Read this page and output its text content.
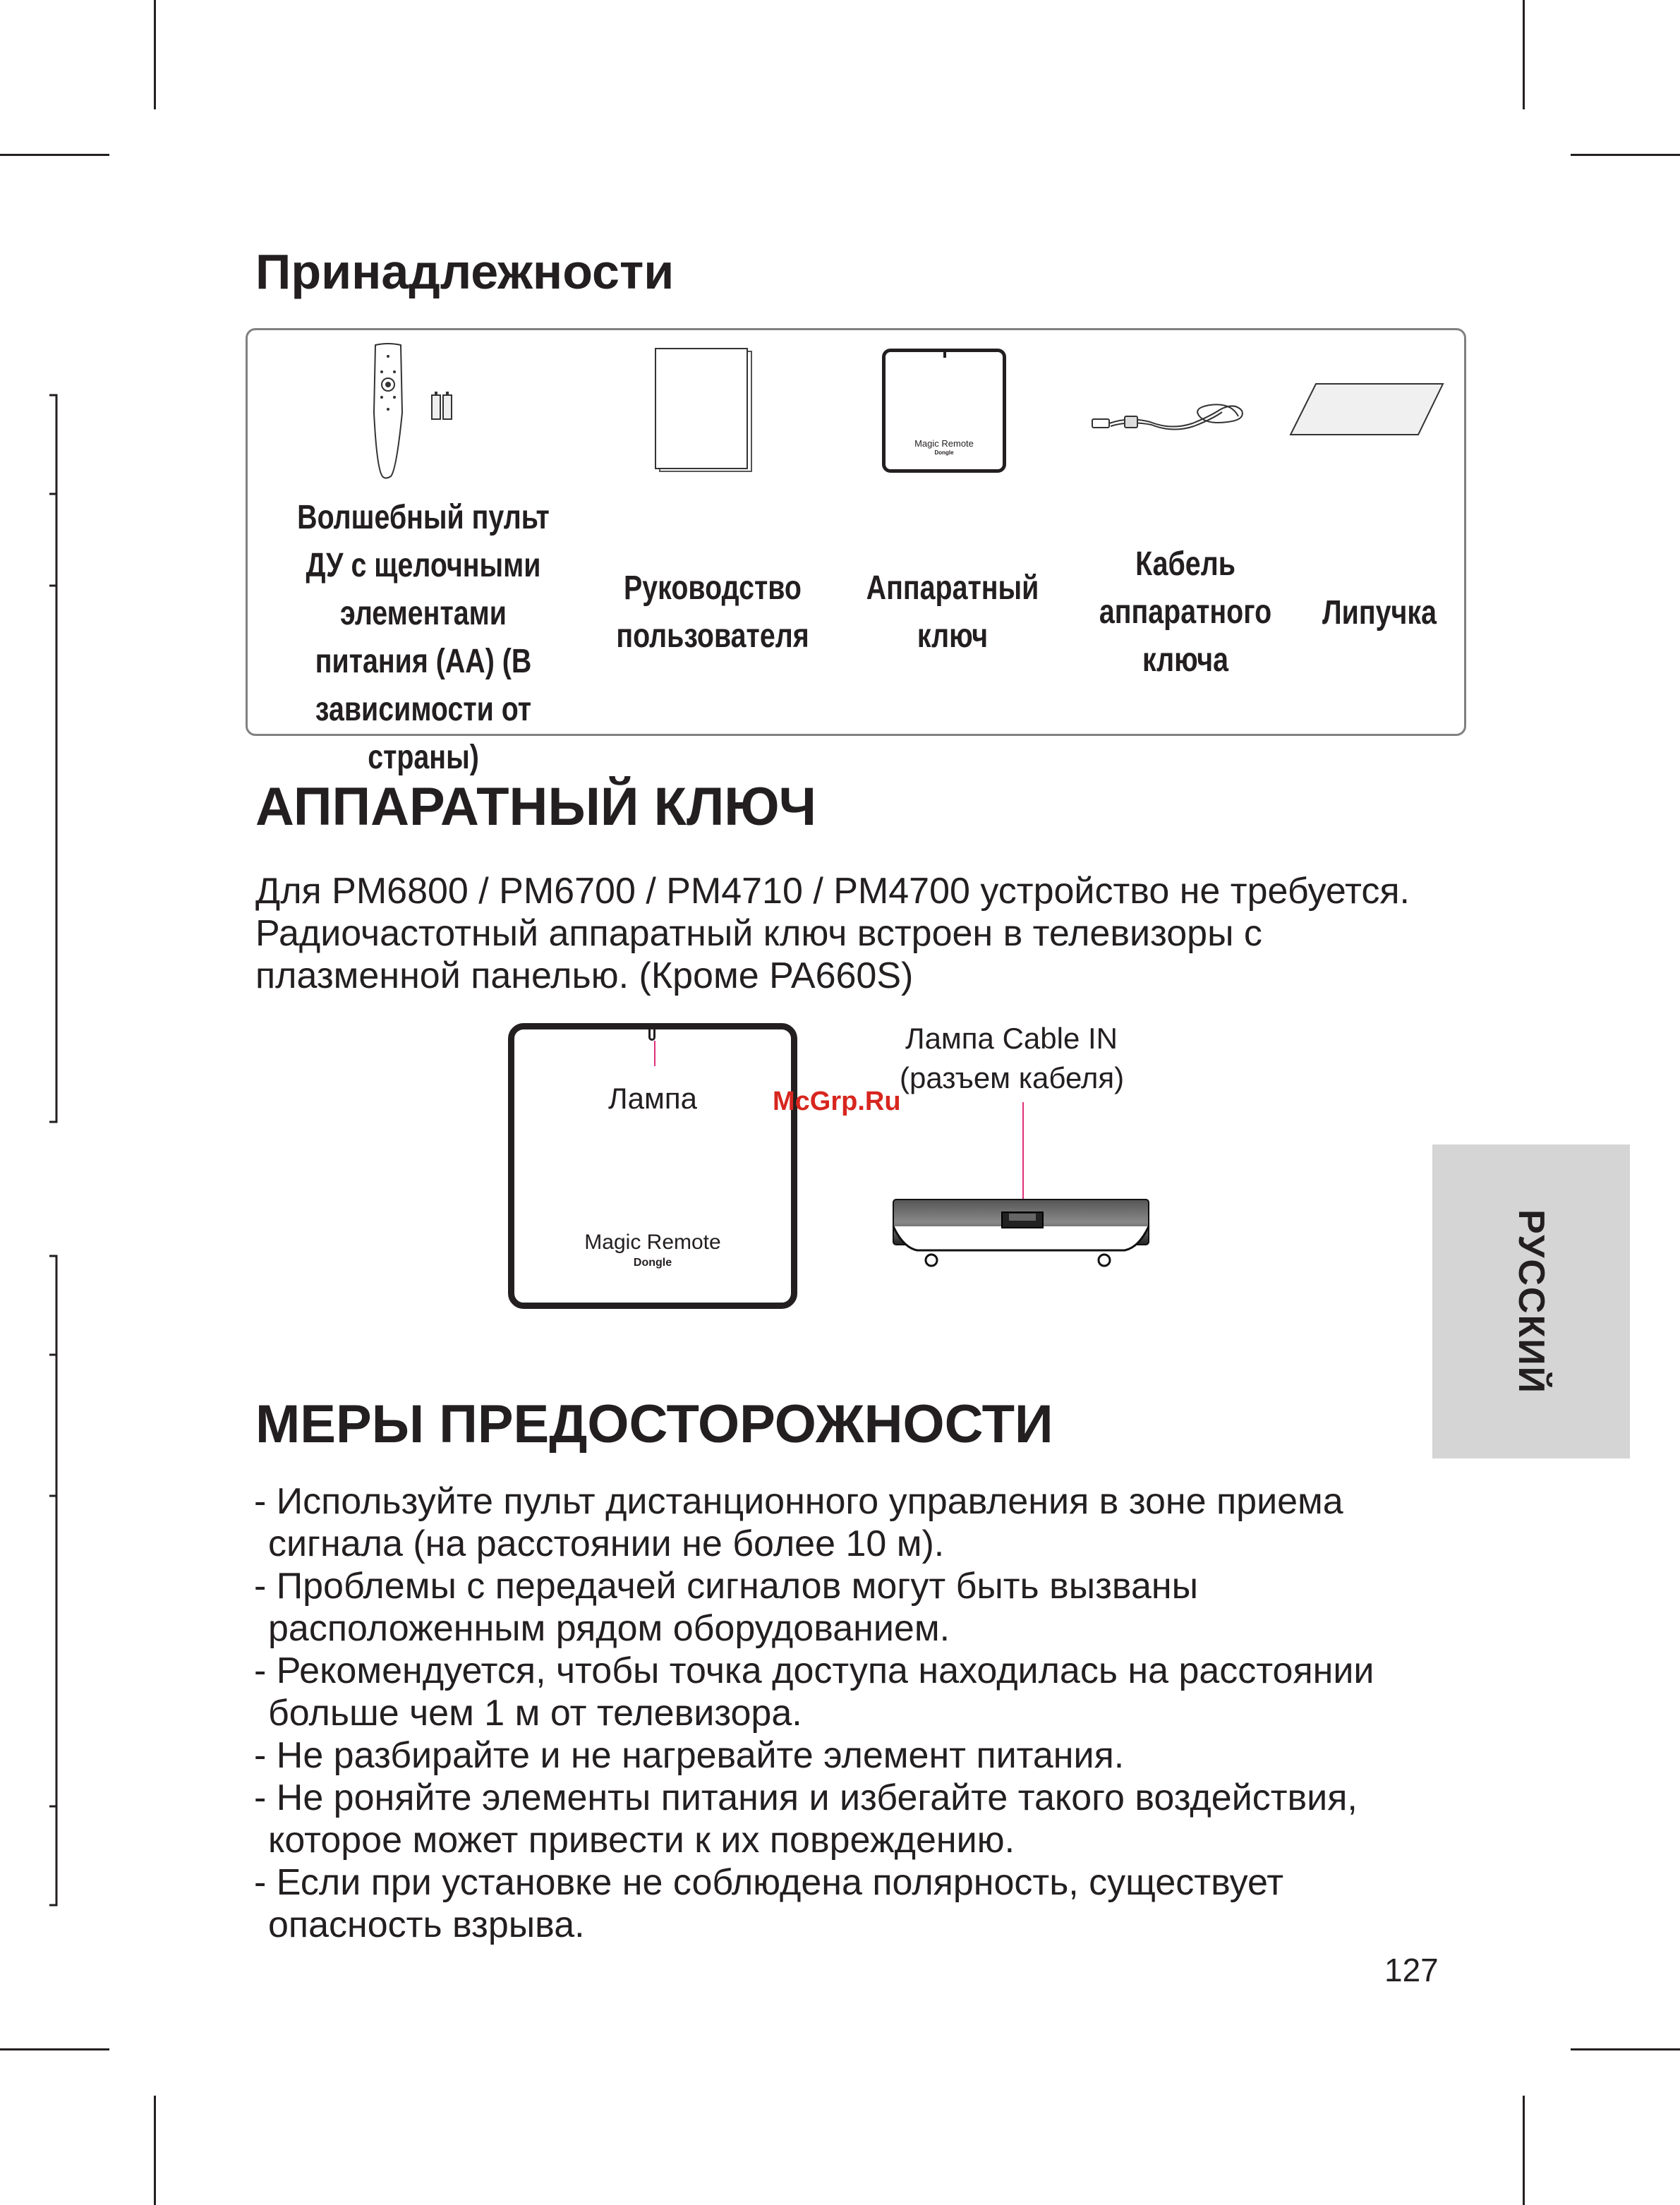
Принадлежности
Magic Remote
Dongle
Волшебный пульт ДУ с щелочными элементами питания (AA) (В зависимости от страны)
Руководство пользователя
Аппаратный ключ
Кабель аппаратного ключа
Липучка
АППАРАТНЫЙ КЛЮЧ
Для PM6800 / PM6700 / PM4710 / PM4700 устройство не требуется. Радиочастотный аппаратный ключ встроен в телевизоры с плазменной панелью. (Кроме PA660S)
Лампа
Magic Remote
Dongle
Лампа Cable IN
(разъем кабеля)
McGrp.Ru
РУССКИЙ
МЕРЫ ПРЕДОСТОРОЖНОСТИ

- Используйте пульт дистанционного управления в зоне приема сигнала (на расстоянии не более 10 м).

- Проблемы с передачей сигналов могут быть вызваны расположенным рядом оборудованием.

- Рекомендуется, чтобы точка доступа находилась на расстоянии больше чем 1 м от телевизора.

- Не разбирайте и не нагревайте элемент питания.

- Не роняйте элементы питания и избегайте такого воздействия, которое может привести к их повреждению.

- Если при установке не соблюдена полярность, существует опасность взрыва.

127
